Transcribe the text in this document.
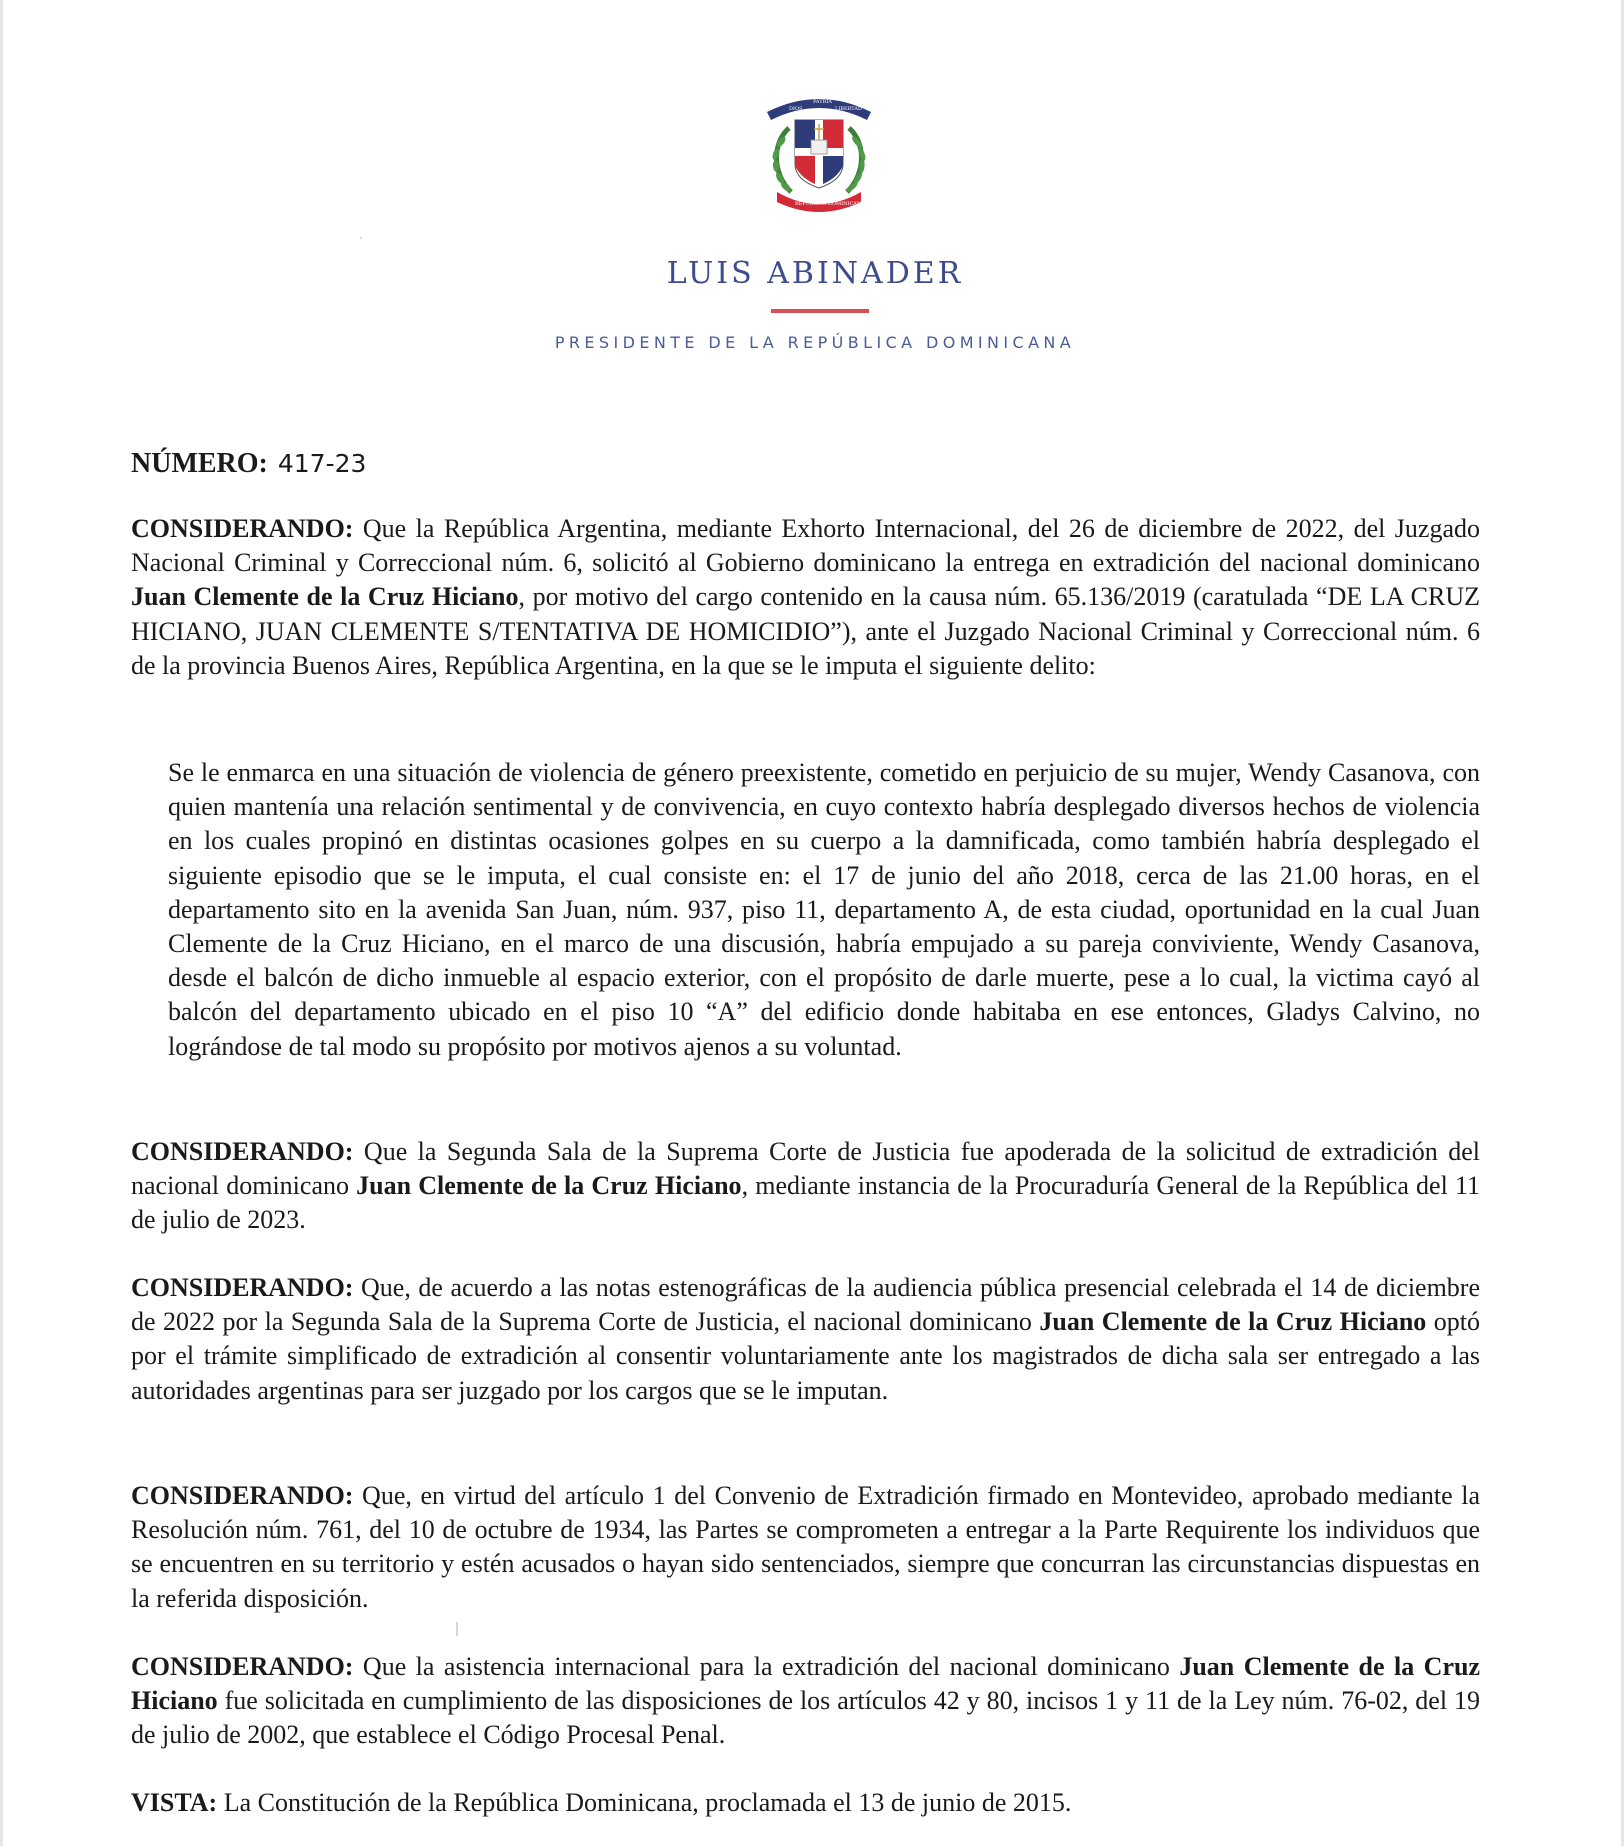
DIOS
PATRIA
LIBERTAD
REPÚBLICA DOMINICANA
LUIS ABINADER
PRESIDENTE DE LA REPÚBLICA DOMINICANA
NÚMERO: 417-23
CONSIDERANDO: Que la República Argentina, mediante Exhorto Internacional, del 26 de diciembre de 2022, del Juzgado Nacional Criminal y Correccional núm. 6, solicitó al Gobierno dominicano la entrega en extradición del nacional dominicano Juan Clemente de la Cruz Hiciano, por motivo del cargo contenido en la causa núm. 65.136/2019 (caratulada “DE LA CRUZ HICIANO, JUAN CLEMENTE S/TENTATIVA DE HOMICIDIO”), ante el Juzgado Nacional Criminal y Correccional núm. 6 de la provincia Buenos Aires, República Argentina, en la que se le imputa el siguiente delito:
Se le enmarca en una situación de violencia de género preexistente, cometido en perjuicio de su mujer, Wendy Casanova, con quien mantenía una relación sentimental y de convivencia, en cuyo contexto habría desplegado diversos hechos de violencia en los cuales propinó en distintas ocasiones golpes en su cuerpo a la damnificada, como también habría desplegado el siguiente episodio que se le imputa, el cual consiste en: el 17 de junio del año 2018, cerca de las 21.00 horas, en el departamento sito en la avenida San Juan, núm. 937, piso 11, departamento A, de esta ciudad, oportunidad en la cual Juan Clemente de la Cruz Hiciano, en el marco de una discusión, habría empujado a su pareja conviviente, Wendy Casanova, desde el balcón de dicho inmueble al espacio exterior, con el propósito de darle muerte, pese a lo cual, la victima cayó al balcón del departamento ubicado en el piso 10 “A” del edificio donde habitaba en ese entonces, Gladys Calvino, no lográndose de tal modo su propósito por motivos ajenos a su voluntad.
CONSIDERANDO: Que la Segunda Sala de la Suprema Corte de Justicia fue apoderada de la solicitud de extradición del nacional dominicano Juan Clemente de la Cruz Hiciano, mediante instancia de la Procuraduría General de la República del 11 de julio de 2023.
CONSIDERANDO: Que, de acuerdo a las notas estenográficas de la audiencia pública presencial celebrada el 14 de diciembre de 2022 por la Segunda Sala de la Suprema Corte de Justicia, el nacional dominicano Juan Clemente de la Cruz Hiciano optó por el trámite simplificado de extradición al consentir voluntariamente ante los magistrados de dicha sala ser entregado a las autoridades argentinas para ser juzgado por los cargos que se le imputan.
CONSIDERANDO: Que, en virtud del artículo 1 del Convenio de Extradición firmado en Montevideo, aprobado mediante la Resolución núm. 761, del 10 de octubre de 1934, las Partes se comprometen a entregar a la Parte Requirente los individuos que se encuentren en su territorio y estén acusados o hayan sido sentenciados, siempre que concurran las circunstancias dispuestas en la referida disposición.
CONSIDERANDO: Que la asistencia internacional para la extradición del nacional dominicano Juan Clemente de la Cruz Hiciano fue solicitada en cumplimiento de las disposiciones de los artículos 42 y 80, incisos 1 y 11 de la Ley núm. 76-02, del 19 de julio de 2002, que establece el Código Procesal Penal.
VISTA: La Constitución de la República Dominicana, proclamada el 13 de junio de 2015.
